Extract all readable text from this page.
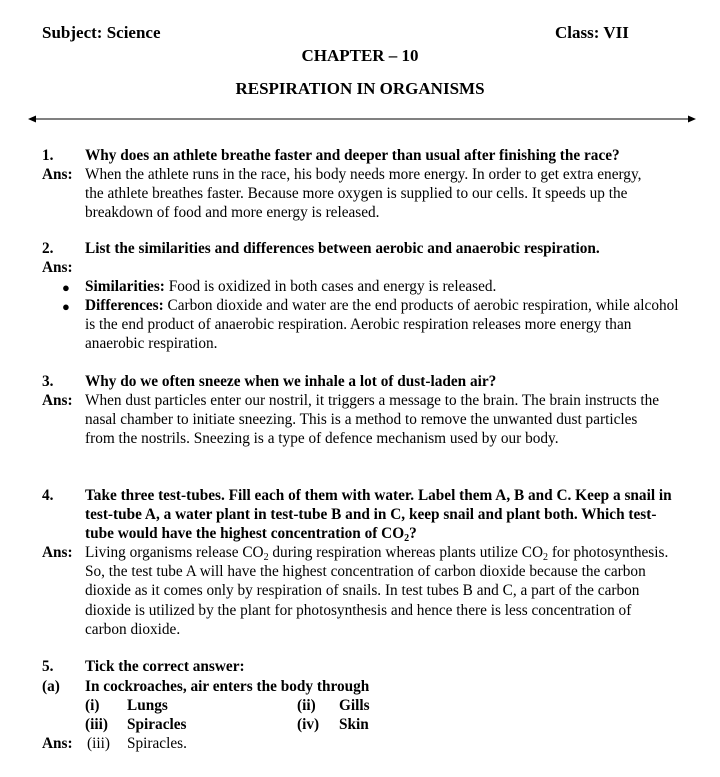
Subject: Science	Class: VII
CHAPTER – 10
RESPIRATION IN ORGANISMS
1. Why does an athlete breathe faster and deeper than usual after finishing the race?
Ans: When the athlete runs in the race, his body needs more energy. In order to get extra energy, the athlete breathes faster. Because more oxygen is supplied to our cells. It speeds up the breakdown of food and more energy is released.
2. List the similarities and differences between aerobic and anaerobic respiration.
Ans:
● Similarities: Food is oxidized in both cases and energy is released.
● Differences: Carbon dioxide and water are the end products of aerobic respiration, while alcohol is the end product of anaerobic respiration. Aerobic respiration releases more energy than anaerobic respiration.
3. Why do we often sneeze when we inhale a lot of dust-laden air?
Ans: When dust particles enter our nostril, it triggers a message to the brain. The brain instructs the nasal chamber to initiate sneezing. This is a method to remove the unwanted dust particles from the nostrils. Sneezing is a type of defence mechanism used by our body.
4. Take three test-tubes. Fill each of them with water. Label them A, B and C. Keep a snail in test-tube A, a water plant in test-tube B and in C, keep snail and plant both. Which test- tube would have the highest concentration of $CO_2$?
Ans: Living organisms release $CO_2$ during respiration whereas plants utilize $CO_2$ for photosynthesis. So, the test tube A will have the highest concentration of carbon dioxide because the carbon dioxide as it comes only by respiration of snails. In test tubes B and C, a part of the carbon dioxide is utilized by the plant for photosynthesis and hence there is less concentration of carbon dioxide.
5. Tick the correct answer:
(a) In cockroaches, air enters the body through
(i) Lungs	(ii) Gills
(iii) Spiracles	(iv) Skin
Ans: (iii) Spiracles.
